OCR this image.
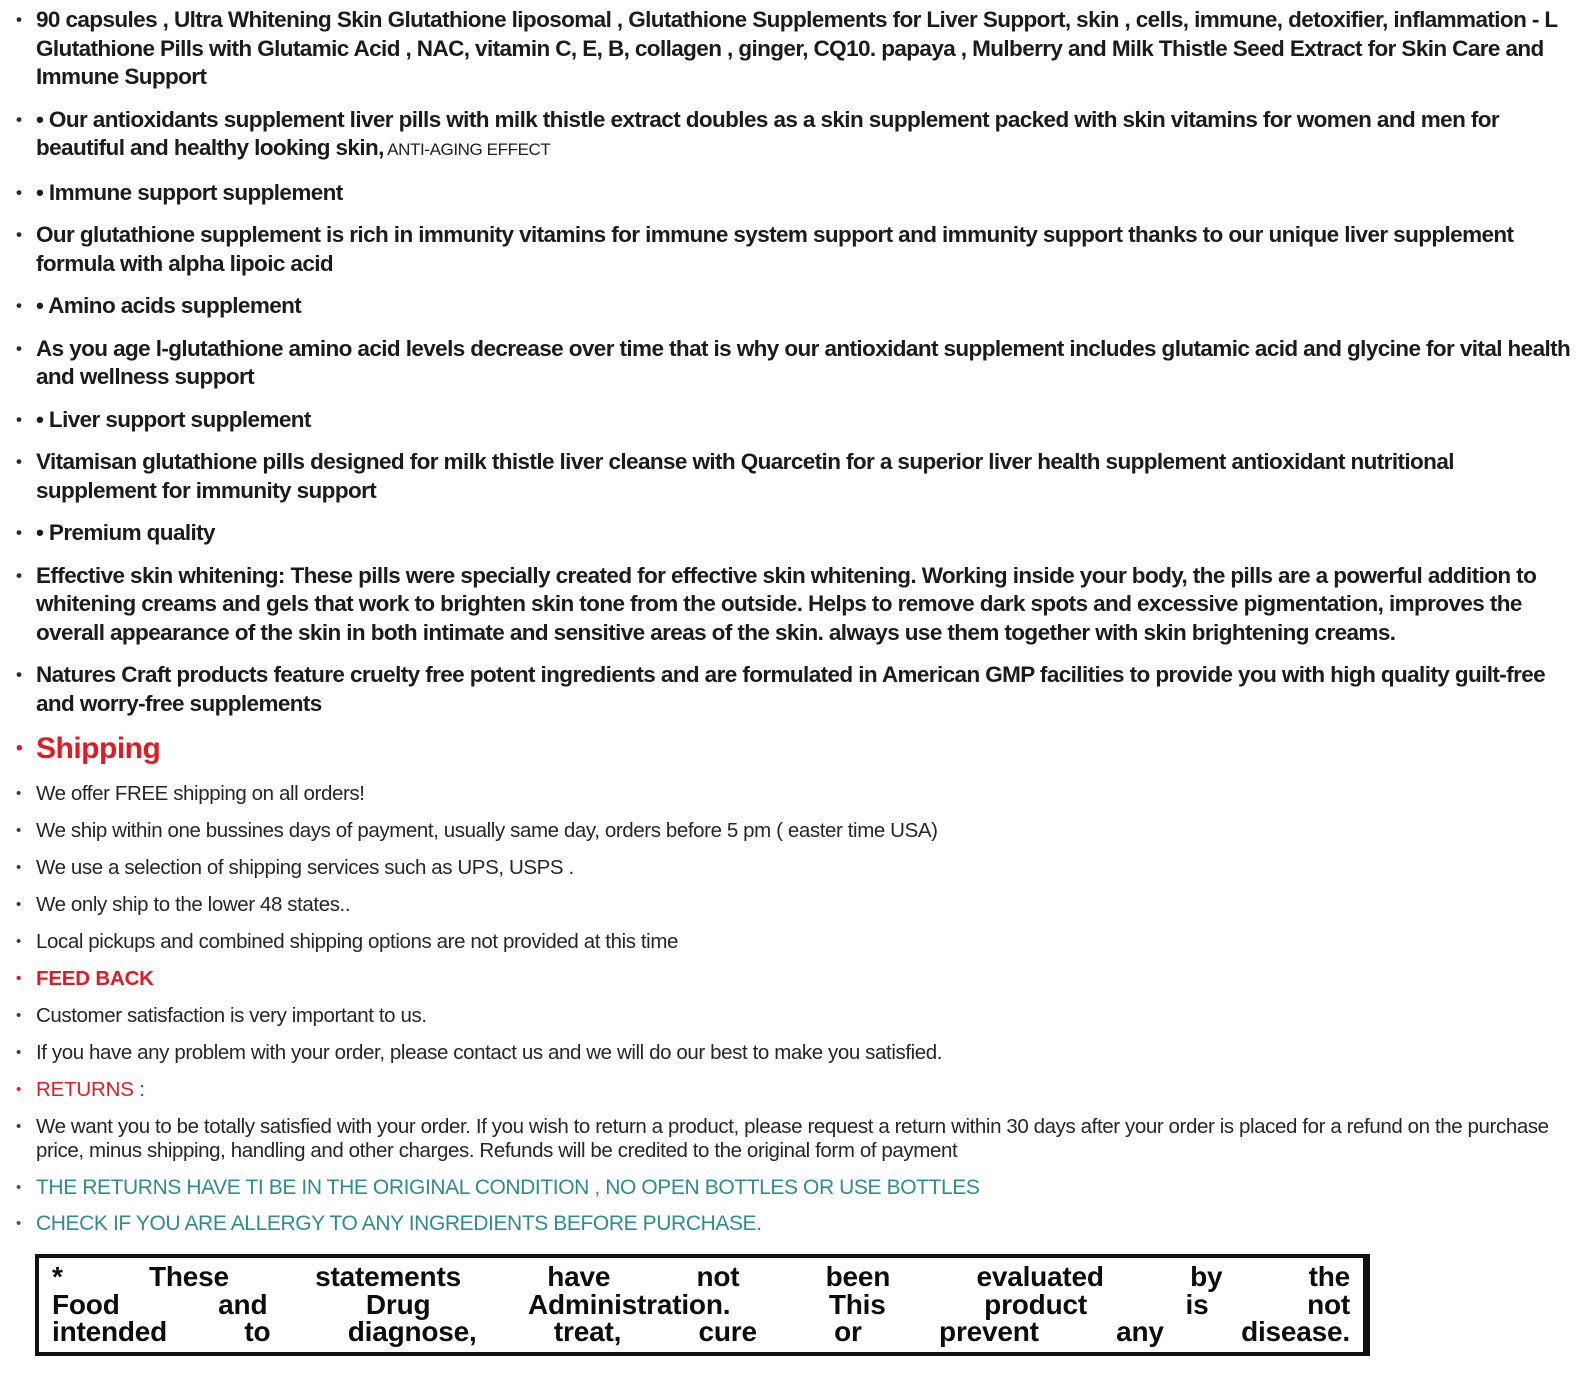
• 90 capsules , Ultra Whitening Skin Glutathione liposomal , Glutathione Supplements for Liver Support, skin , cells, immune, detoxifier, inflammation - L Glutathione Pills with Glutamic Acid , NAC, vitamin C, E, B, collagen , ginger, CQ10. papaya , Mulberry and Milk Thistle Seed Extract for Skin Care and Immune Support
• • Our antioxidants supplement liver pills with milk thistle extract doubles as a skin supplement packed with skin vitamins for women and men for beautiful and healthy looking skin, ANTI-AGING EFFECT
• • Immune support supplement
• Our glutathione supplement is rich in immunity vitamins for immune system support and immunity support thanks to our unique liver supplement formula with alpha lipoic acid
• • Amino acids supplement
• As you age l-glutathione amino acid levels decrease over time that is why our antioxidant supplement includes glutamic acid and glycine for vital health and wellness support
• • Liver support supplement
• Vitamisan glutathione pills designed for milk thistle liver cleanse with Quarcetin for a superior liver health supplement antioxidant nutritional supplement for immunity support
• • Premium quality
• Effective skin whitening: These pills were specially created for effective skin whitening. Working inside your body, the pills are a powerful addition to whitening creams and gels that work to brighten skin tone from the outside. Helps to remove dark spots and excessive pigmentation, improves the overall appearance of the skin in both intimate and sensitive areas of the skin. always use them together with skin brightening creams.
• Natures Craft products feature cruelty free potent ingredients and are formulated in American GMP facilities to provide you with high quality guilt-free and worry-free supplements
• Shipping
• We offer FREE shipping on all orders!
• We ship within one bussines days of payment, usually same day, orders before 5 pm ( easter time USA)
• We use a selection of shipping services such as UPS, USPS .
• We only ship to the lower 48 states..
• Local pickups and combined shipping options are not provided at this time
• FEED BACK
• Customer satisfaction is very important to us.
• If you have any problem with your order, please contact us and we will do our best to make you satisfied.
• RETURNS :
• We want you to be totally satisfied with your order. If you wish to return a product, please request a return within 30 days after your order is placed for a refund on the purchase price, minus shipping, handling and other charges. Refunds will be credited to the original form of payment
• THE RETURNS HAVE TI BE IN THE ORIGINAL CONDITION , NO OPEN BOTTLES OR USE BOTTLES
• CHECK IF YOU ARE ALLERGY TO ANY INGREDIENTS BEFORE PURCHASE.
* These statements have not been evaluated by the
Food and Drug Administration. This product is not
intended to diagnose, treat, cure or prevent any disease.
